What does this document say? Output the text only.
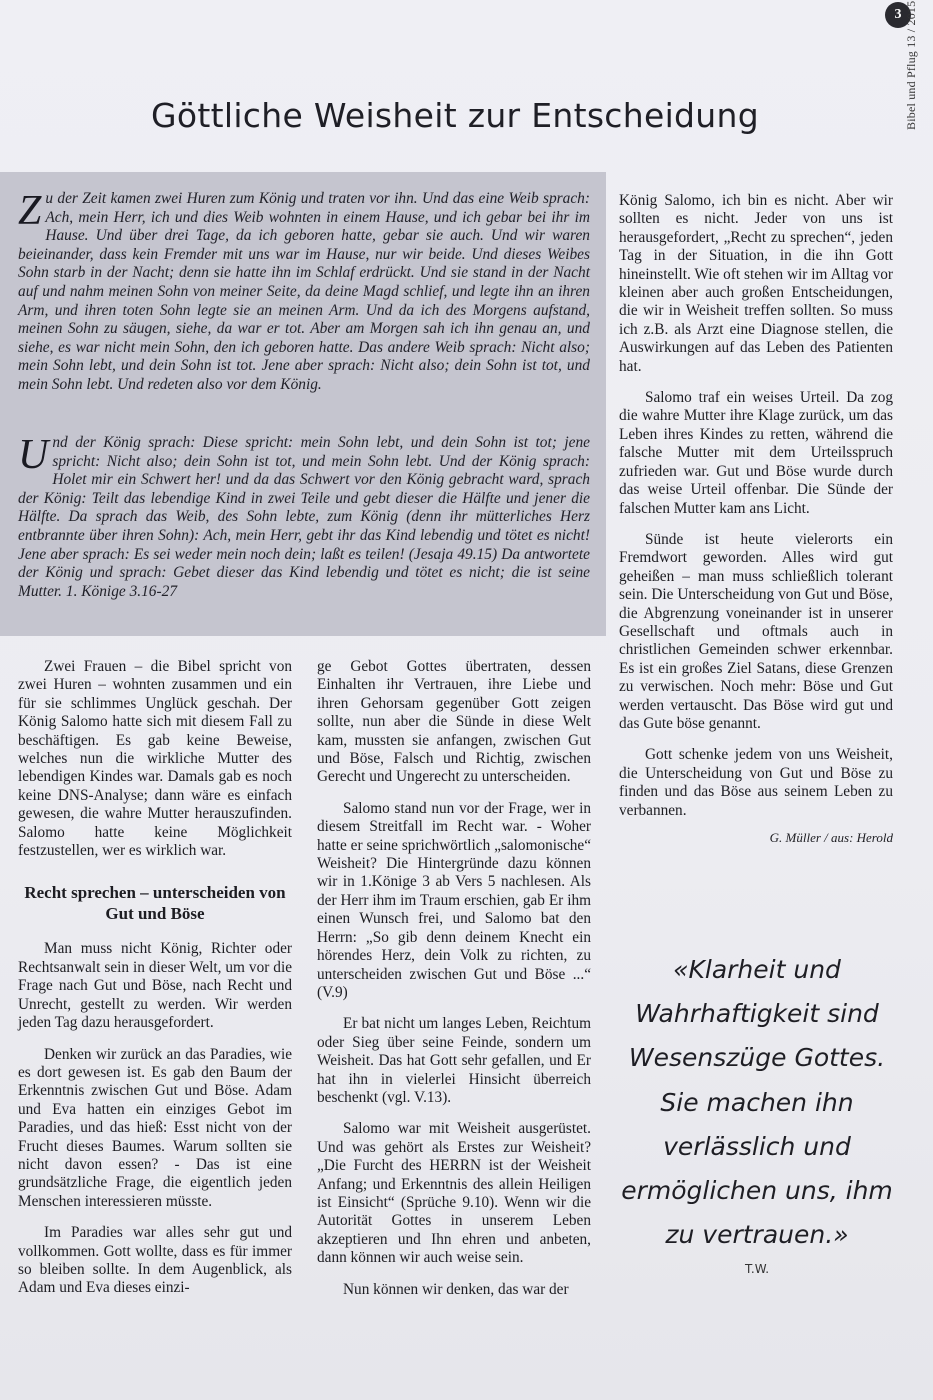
3 Bibel und Pflug 13 / 2015
Göttliche Weisheit zur Entscheidung

Zu der Zeit kamen zwei Huren zum König und traten vor ihn. Und das eine Weib sprach: Ach, mein Herr, ich und dies Weib wohnten in einem Hause, und ich gebar bei ihr im Hause. Und über drei Tage, da ich geboren hatte, gebar sie auch. Und wir waren beieinander, dass kein Fremder mit uns war im Hause, nur wir beide. Und dieses Weibes Sohn starb in der Nacht; denn sie hatte ihn im Schlaf erdrückt. Und sie stand in der Nacht auf und nahm meinen Sohn von meiner Seite, da deine Magd schlief, und legte ihn an ihren Arm, und ihren toten Sohn legte sie an meinen Arm. Und da ich des Morgens aufstand, meinen Sohn zu säugen, siehe, da war er tot. Aber am Morgen sah ich ihn genau an, und siehe, es war nicht mein Sohn, den ich geboren hatte. Das andere Weib sprach: Nicht also; mein Sohn lebt, und dein Sohn ist tot. Jene aber sprach: Nicht also; dein Sohn ist tot, und mein Sohn lebt. Und redeten also vor dem König.

Und der König sprach: Diese spricht: mein Sohn lebt, und dein Sohn ist tot; jene spricht: Nicht also; dein Sohn ist tot, und mein Sohn lebt. Und der König sprach: Holet mir ein Schwert her! und da das Schwert vor den König gebracht ward, sprach der König: Teilt das lebendige Kind in zwei Teile und gebt dieser die Hälfte und jener die Hälfte. Da sprach das Weib, des Sohn lebte, zum König (denn ihr mütterliches Herz entbrannte über ihren Sohn): Ach, mein Herr, gebt ihr das Kind lebendig und tötet es nicht! Jene aber sprach: Es sei weder mein noch dein; laßt es teilen! (Jesaja 49.15) Da antwortete der König und sprach: Gebet dieser das Kind lebendig und tötet es nicht; die ist seine Mutter. 1. Könige 3.16-27

Zwei Frauen – die Bibel spricht von zwei Huren – wohnten zusammen und ein für sie schlimmes Unglück geschah. Der König Salomo hatte sich mit diesem Fall zu beschäftigen. Es gab keine Beweise, welches nun die wirkliche Mutter des lebendigen Kindes war. Damals gab es noch keine DNS-Analyse; dann wäre es einfach gewesen, die wahre Mutter herauszufinden. Salomo hatte keine Möglichkeit festzustellen, wer es wirklich war.

Recht sprechen – unterscheiden von Gut und Böse

Man muss nicht König, Richter oder Rechtsanwalt sein in dieser Welt, um vor die Frage nach Gut und Böse, nach Recht und Unrecht, gestellt zu werden. Wir werden jeden Tag dazu herausgefordert.

Denken wir zurück an das Paradies, wie es dort gewesen ist. Es gab den Baum der Erkenntnis zwischen Gut und Böse. Adam und Eva hatten ein einziges Gebot im Paradies, und das hieß: Esst nicht von der Frucht dieses Baumes. Warum sollten sie nicht davon essen? - Das ist eine grundsätzliche Frage, die eigentlich jeden Menschen interessieren müsste.

Im Paradies war alles sehr gut und vollkommen. Gott wollte, dass es für immer so bleiben sollte. In dem Augenblick, als Adam und Eva dieses einzi-

ge Gebot Gottes übertraten, dessen Einhalten ihr Vertrauen, ihre Liebe und ihren Gehorsam gegenüber Gott zeigen sollte, nun aber die Sünde in diese Welt kam, mussten sie anfangen, zwischen Gut und Böse, Falsch und Richtig, zwischen Gerecht und Ungerecht zu unterscheiden.

Salomo stand nun vor der Frage, wer in diesem Streitfall im Recht war. - Woher hatte er seine sprichwörtlich „salomonische“ Weisheit? Die Hintergründe dazu können wir in 1.Könige 3 ab Vers 5 nachlesen. Als der Herr ihm im Traum erschien, gab Er ihm einen Wunsch frei, und Salomo bat den Herrn: „So gib denn deinem Knecht ein hörendes Herz, dein Volk zu richten, zu unterscheiden zwischen Gut und Böse ...“ (V.9)

Er bat nicht um langes Leben, Reichtum oder Sieg über seine Feinde, sondern um Weisheit. Das hat Gott sehr gefallen, und Er hat ihn in vielerlei Hinsicht überreich beschenkt (vgl. V.13).

Salomo war mit Weisheit ausgerüstet. Und was gehört als Erstes zur Weisheit? „Die Furcht des HERRN ist der Weisheit Anfang; und Erkenntnis des allein Heiligen ist Einsicht“ (Sprüche 9.10). Wenn wir die Autorität Gottes in unserem Leben akzeptieren und Ihn ehren und anbeten, dann können wir auch weise sein.

Nun können wir denken, das war der

König Salomo, ich bin es nicht. Aber wir sollten es nicht. Jeder von uns ist herausgefordert, „Recht zu sprechen“, jeden Tag in der Situation, in die ihn Gott hineinstellt. Wie oft stehen wir im Alltag vor kleinen aber auch großen Entscheidungen, die wir in Weisheit treffen sollten. So muss ich z.B. als Arzt eine Diagnose stellen, die Auswirkungen auf das Leben des Patienten hat.

Salomo traf ein weises Urteil. Da zog die wahre Mutter ihre Klage zurück, um das Leben ihres Kindes zu retten, während die falsche Mutter mit dem Urteilsspruch zufrieden war. Gut und Böse wurde durch das weise Urteil offenbar. Die Sünde der falschen Mutter kam ans Licht.

Sünde ist heute vielerorts ein Fremdwort geworden. Alles wird gut geheißen – man muss schließlich tolerant sein. Die Unterscheidung von Gut und Böse, die Abgrenzung voneinander ist in unserer Gesellschaft und oftmals auch in christlichen Gemeinden schwer erkennbar. Es ist ein großes Ziel Satans, diese Grenzen zu verwischen. Noch mehr: Böse und Gut werden vertauscht. Das Böse wird gut und das Gute böse genannt.

Gott schenke jedem von uns Weisheit, die Unterscheidung von Gut und Böse zu finden und das Böse aus seinem Leben zu verbannen.

G. Müller / aus: Herold

«Klarheit und Wahrhaftigkeit sind Wesenszüge Gottes. Sie machen ihn verlässlich und ermöglichen uns, ihm zu vertrauen.»

T.W.
